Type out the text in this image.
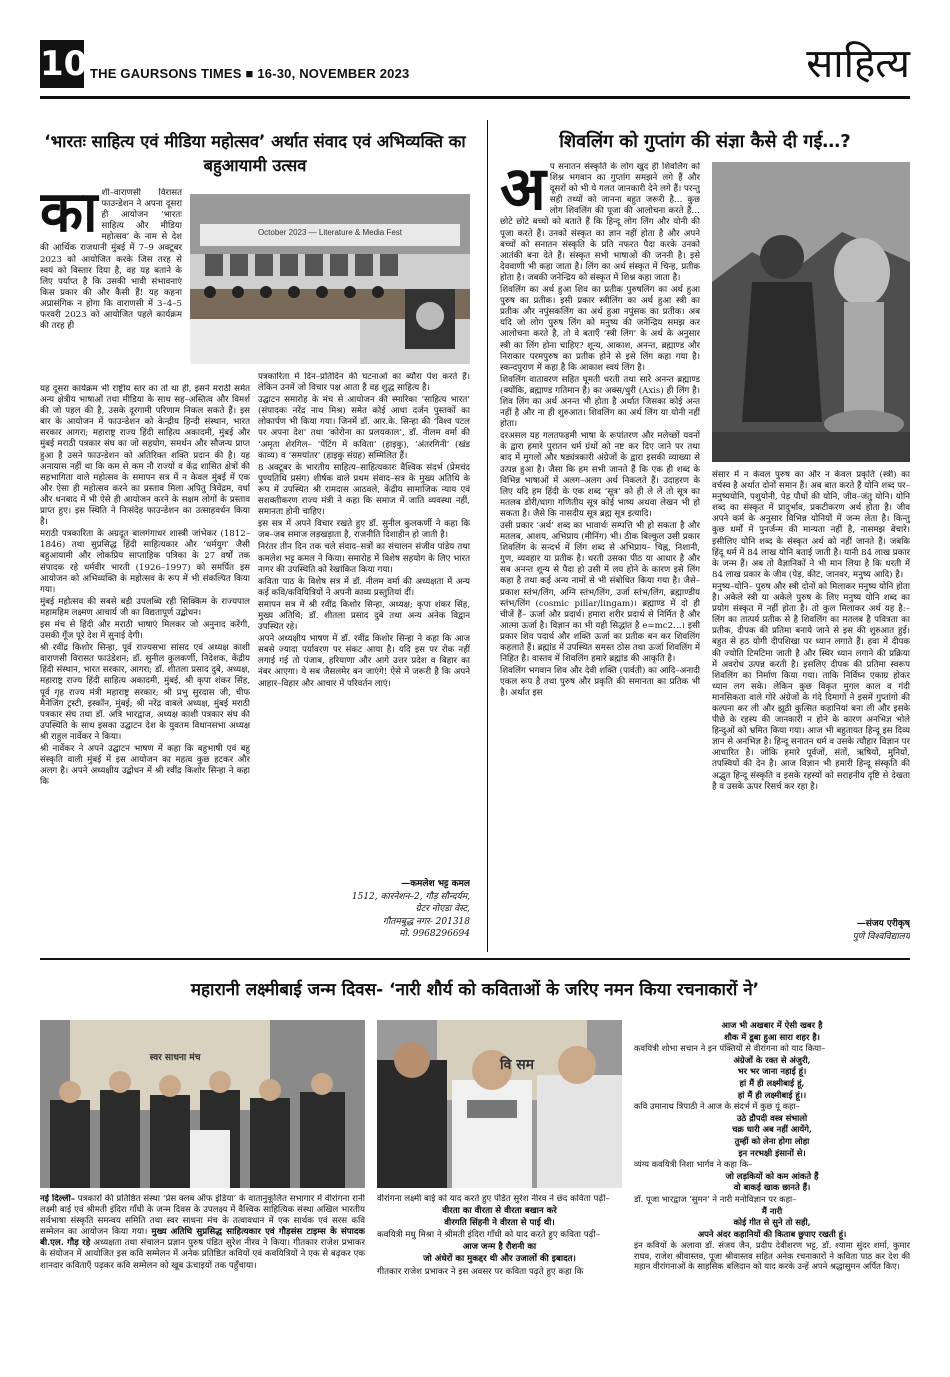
10 THE GAURSONS TIMES ■ 16-30, NOVEMBER 2023	साहित्य
‘भारतः साहित्य एवं मीडिया महोत्सव’ अर्थात संवाद एवं अभिव्यक्ति का बहुआयामी उत्सव
का शी–वाराणसी विरासत फाउन्डेशन ने अपना दूसरा ही आयोजन ‘भारतः साहित्य और मीडिया महोत्सव’ के नाम से देश की आर्थिक राजधानी मुंबई में 7–9 अक्टूबर 2023 को आयोजित करके जिस तरह से स्वयं को विस्तार दिया है, वह यह बताने के लिए पर्याप्त है कि उसकी भावी संभावनाएं किस प्रकार की और कैसी हैं! यह कहना अप्रासंगिक न होगा कि वाराणसी में 3–4–5 फरवरी 2023 को आयोजित पहले कार्यक्रम की तरह ही
October 2023 — Literature & Media Fest

यह दूसरा कार्यक्रम भी राष्ट्रीय स्तर का तो था ही, इसने मराठी समेत अन्य क्षेत्रीय भाषाओं तथा मीडिया के साथ सह–अस्तित्व और विमर्श की जो पहल की है, उसके दूरगामी परिणाम निकल सकते हैं। इस बार के आयोजन में फाउन्डेशन को केन्द्रीय हिन्दी संस्थान, भारत सरकार आगरा; महाराष्ट्र राज्य हिंदी साहित्य अकादमी, मुंबई और मुंबई मराठी पत्रकार संघ का जो सहयोग, समर्थन और सौजन्य प्राप्त हुआ है उसने फाउन्डेशन को अतिरिक्त शक्ति प्रदान की है। यह अनायास नहीं था कि कम से कम नौ राज्यों व केंद्र शासित क्षेत्रों की सहभागिता वाले महोत्सव के समापन सत्र में न केवल मुंबई में एक और ऐसा ही महोत्सव करने का प्रस्ताव मिला अपितु त्रिवेंद्रम, वर्धा और धनबाद में भी ऐसे ही आयोजन करने के सक्षम लोगों के प्रस्ताव प्राप्त हुए। इस स्थिति ने निःसंदेह फाउन्डेशन का उत्साहवर्धन किया है।

मराठी पत्रकारिता के अग्रदूत बालगंगाधर शास्त्री जांभेकर (1812–1846) तथा सुप्रसिद्ध हिंदी साहित्यकार और ‘धर्मयुग’ जैसी बहुआयामी और लोकप्रिय साप्ताहिक पत्रिका के 27 वर्षों तक संपादक रहे धर्मवीर भारती (1926–1997) को समर्पित इस आयोजन को अभिव्यक्ति के महोत्सव के रूप में भी संकल्पित किया गया।

मुंबई महोत्सव की सबसे बड़ी उपलब्धि रही सिक्किम के राज्यपाल महामहिम लक्ष्मण आचार्य जी का विद्यतापूर्ण उद्बोधन।

इस मंच से हिंदी और मराठी भाषाएं मिलकर जो अनुनाद करेंगी, उसकी गूँज पूरे देश में सुनाई देगी।

श्री रवींद्र किशोर सिन्हा, पूर्व राज्यसभा सांसद एवं अध्यक्ष काशी वाराणसी विरासत फाउंडेशन; डॉ. सुनील कुलकर्णी, निदेशक, केंद्रीय हिंदी संस्थान, भारत सरकार, आगरा; डॉ. शीतला प्रसाद दुबे, अध्यक्ष, महाराष्ट्र राज्य हिंदी साहित्य अकादमी, मुंबई, श्री कृपा शंकर सिंह, पूर्व गृह राज्य मंत्री महाराष्ट्र सरकार; श्री प्रभु सुरदास जी, चीफ मैनेजिंग ट्रस्टी, इस्कॉन, मुंबई; श्री नरेंद्र वाबले अध्यक्ष, मुंबई मराठी पत्रकार संघ तथा डॉ. अत्रि भारद्वाज, अध्यक्ष काशी पत्रकार संघ की उपस्थिति के साथ इसका उद्घाटन देश के युवतम विधानसभा अध्यक्ष श्री राहुल नार्वेकर ने किया।

श्री नार्वेकर ने अपने उद्घाटन भाषण में कहा कि बहुभाषी एवं बहु संस्कृति वाली मुंबई में इस आयोजन का महत्व कुछ हटकर और अलग है। अपने अध्यक्षीय उद्बोधन में श्री रवींद्र किशोर सिन्हा ने कहा कि

पत्रकारिता में दिन–प्रतिदिन की घटनाओं का ब्यौरा पेश करते हैं। लेकिन उनमें जो विचार पक्ष आता है वह शुद्ध साहित्य है।

उद्घाटन समारोह के मंच से आयोजन की स्मारिका ‘साहित्य भारत’ (संपादकः नरेंद्र नाथ मिश्र) समेत कोई आधा दर्जन पुस्तकों का लोकार्पण भी किया गया। जिनमें डॉ. आर.के. सिन्हा की ‘विश्व पटल पर अपना देश’ तथा ‘कोरोना का प्रलयकाल’, डॉ. नीलम वर्मा की ‘अमृता शेरगिल– ‘पेंटिंग में कविता’ (हाइकु), ‘अंतरगिनी’ (खंड काव्य) व ‘समयांतर’ (हाइकु संग्रह) सम्मिलित हैं।

8 अक्टूबर के भारतीय साहित्य–साहित्यकारः वैश्विक संदर्भ (प्रेमचंद पुण्यतिथि प्रसंग) शीर्षक वाले प्रथम संवाद–सत्र के मुख्य अतिथि के रूप में उपस्थित श्री रामदास आठवले, केंद्रीय सामाजिक न्याय एवं सशक्तीकरण राज्य मंत्री ने कहा कि समाज में जाति व्यवस्था नहीं, समानता होनी चाहिए।

इस सत्र में अपने विचार रखते हुए डॉ. सुनील कुलकर्णी ने कहा कि जब–जब समाज लड़खड़ाता है, राजनीति दिशाहीन हो जाती है।

निरंतर तीन दिन तक चले संवाद–सत्रों का संचालन संजीव पांडेय तथा कमलेश भट्ट कमल ने किया। समारोह में विशेष सहयोग के लिए भारत नागर की उपस्थिति को रेखांकित किया गया।

कविता पाठ के विशेष सत्र में डॉ. नीलम वर्मा की अध्यक्षता में अन्य कई कवि/कवियित्रियों ने अपनी काव्य प्रस्तुतियां दीं।

समापन सत्र में श्री रवींद्र किशोर सिन्हा, अध्यक्ष; कृपा शंकर सिंह, मुख्य अतिथि; डॉ. शीतला प्रसाद दुबे तथा अन्य अनेक विद्वान उपस्थित रहे।

अपने अध्यक्षीय भाषण में डॉ. रवींद्र किशोर सिन्हा ने कहा कि आज सबसे ज्यादा पर्यावरण पर संकट आया है। यदि इस पर रोक नहीं लगाई गई तो पंजाब, हरियाणा और आगे उत्तर प्रदेश व बिहार का नंबर आएगा। ये सब जैसलमेर बन जाएंगे! ऐसे में जरूरी है कि अपने आहार–विहार और आचार में परिवर्तन लाएं।

—कमलेश भट्ट कमल
1512, कारनेशन–2, गौड़ सौन्दर्यम,
ग्रेटर नोएडा वेस्ट,
गौतमबुद्ध नगर- 201318
मो. 9968296694
शिवलिंग को गुप्तांग की संज्ञा कैसे दी गई…?
अ प सनातन संस्कृति के लोग खुद ही शिवलिंग को शिश्न भगवान का गुप्तांग समझने लगे हैं और दूसरों को भी ये गलत जानकारी देने लगे हैं। परन्तु सही तथ्यों को जानना बहुत जरूरी है… कुछ लोग शिवलिंग की पूजा की आलोचना करते हैं… छोटे छोटे बच्चों को बताते हैं कि हिन्दू लोग लिंग और योनी की पूजा करते हैं। उनको संस्कृत का ज्ञान नहीं होता है और अपने बच्चों को सनातन संस्कृति के प्रति नफरत पैदा करके उनको आतंकी बना देते हैं। संस्कृत सभी भाषाओं की जननी है। इसे देववाणी भी कहा जाता है। लिंग का अर्थ संस्कृत में चिन्ह, प्रतीक होता है। जबकी जनेन्द्रिय को संस्कृत में शिश्न कहा जाता है।

शिवलिंग का अर्थ हुआ शिव का प्रतीक पुरुषलिंग का अर्थ हुआ पुरुष का प्रतीक। इसी प्रकार स्त्रीलिंग का अर्थ हुआ स्त्री का प्रतीक और नपुंसकलिंग का अर्थ हुआ नपुंसक का प्रतीक। अब यदि जो लोग पुरुष लिंग को मनुष्य की जनेन्द्रिय समझ कर आलोचना करते है, तो वे बताएँ ‘स्त्री लिंग’ के अर्थ के अनुसार स्त्री का लिंग होना चाहिए? शून्य, आकाश, अनन्त, ब्रह्माण्ड और निराकार परमपुरुष का प्रतीक होने से इसे लिंग कहा गया है। स्कन्दपुराण में कहा है कि आकाश स्वयं लिंग है।

शिवलिंग वातावरण सहित घूमती धरती तथा सारे अनन्त ब्रह्माण्ड (क्योंकि, ब्रह्माण्ड गतिमान है) का अक्स/धुरी (Axis) ही लिंग है। शिव लिंग का अर्थ अनन्त भी होता है अर्थात जिसका कोई अन्त नहीं है और ना ही शुरुआत। शिवलिंग का अर्थ लिंग या योनी नहीं होता।

दरअसल यह गलतफहमी भाषा के रूपांतरण और मलेच्छों यवनों के द्वारा हमारे पुरातन धर्म ग्रंथों को नष्ट कर दिए जाने पर तथा बाद में मुगलों और षड्यंत्रकारी अंग्रेजों के द्वारा इसकी व्याख्या से उत्पन्न हुआ है। जैसा कि हम सभी जानते हैं कि एक ही शब्द के विभिन्न भाषाओं में अलग–अलग अर्थ निकलते हैं। उदाहरण के लिए यदि हम हिंदी के एक शब्द ‘सूत्र’ को ही ले लें तो सूत्र का मतलब डोरी/धागा गणितीय सूत्र कोई भाष्य अथवा लेखन भी हो सकता है। जैसे कि नासदीय सूत्र ब्रह्म सूत्र इत्यादि।

उसी प्रकार ‘अर्थ’ शब्द का भावार्थः सम्पत्ति भी हो सकता है और मतलब, आशय, अभिप्राय (मीनिंग) भी। ठीक बिल्कुल उसी प्रकार शिवलिंग के सन्दर्भ में लिंग शब्द से अभिप्राय– चिह्न, निशानी, गुण, व्यवहार या प्रतीक है। धरती उसका पीठ या आधार है और सब अनन्त शून्य से पैदा हो उसी में लय होने के कारण इसे लिंग कहा है तथा कई अन्य नामों से भी संबोधित किया गया है। जैसे– प्रकाश स्तंभ/लिंग, अग्नि स्तंभ/लिंग, उर्जा स्तंभ/लिंग, ब्रह्माण्डीय स्तंभ/लिंग (cosmic pillar/lingam)। ब्रह्माण्ड में दो ही चीजें हैं– ऊर्जा और प्रदार्थ। हमारा शरीर प्रदार्थ से निर्मित है और आत्मा ऊर्जा है। विज्ञान का भी यही सिद्धांत है e=mc2…। इसी प्रकार शिव पदार्थ और शक्ति ऊर्जा का प्रतीक बन कर शिवलिंग कहलाते हैं। ब्रह्मांड में उपस्थित समस्त ठोस तथा ऊर्जा शिवलिंग में निहित है। वास्तव में शिवलिंग हमारे ब्रह्मांड की आकृति है।

शिवलिंग भगवान शिव और देवी शक्ति (पार्वती) का आदि–अनादी एकल रूप है तथा पुरुष और प्रकृति की समानता का प्रतिक भी है। अर्थात इस

संसार में न केवल पुरुष का और न केवल प्रकृति (स्त्री) का वर्चस्व है अर्थात दोनों समान हैं। अब बात करते हैं योनि शब्द पर– मनुष्ययोनि, पशुयोनी, पेड़ पौधों की योनि, जीव–जंतु योनि। योनि शब्द का संस्कृत में प्रादुर्भाव, प्रकटीकरण अर्थ होता है। जीव अपने कर्म के अनुसार विभिन्न योनियों में जन्म लेता है। किन्तु कुछ धर्मों में पुनर्जन्म की मान्यता नहीं है, नासमझ बेचारे। इसीलिए योनि शब्द के संस्कृत अर्थ को नहीं जानते हैं। जबकि हिंदू धर्म में 84 लाख योनि बताई जाती है। यानी 84 लाख प्रकार के जन्म हैं। अब तो वैज्ञानिकों ने भी मान लिया है कि धरती में 84 लाख प्रकार के जीव (पेड़, कीट, जानवर, मनुष्य आदि) है।

मनुष्य–योनि– पुरुष और स्त्री दोनों को मिलाकर मनुष्य योनि होता है। अकेले स्त्री या अकेले पुरुष के लिए मनुष्य योनि शब्द का प्रयोग संस्कृत में नहीं होता है। तो कुल मिलाकर अर्थ यह है:– लिंग का तात्पर्य प्रतीक से है शिवलिंग का मतलब है पवित्रता का प्रतीक, दीपक की प्रतिमा बनाये जाने से इस की शुरुआत हुई। बहुत से हठ योगी दीपशिखा पर ध्यान लगाते हैं। हवा में दीपक की ज्योति टिमटिमा जाती है और स्थिर ध्यान लगाने की प्रक्रिया में अवरोध उत्पन्न करती है। इसलिए दीपक की प्रतिमा स्वरूप शिवलिंग का निर्माण किया गया। ताकि निर्विघ्न एकाग्र होकर ध्यान लग सके। लेकिन कुछ विकृत मुगल काल व गंदी मानसिकता वाले गोरे अंग्रेजों के गंदे दिमागों ने इसमें गुप्तांगो की कल्पना कर ली और झूठी कुत्सित कहानियां बना ली और इसके पीछे के रहस्य की जानकारी न होने के कारण अनभिज्ञ भोले हिन्दुओं को भ्रमित किया गया। आज भी बहुतायत हिन्दू इस दिव्य ज्ञान से अनभिज्ञ है। हिन्दू सनातन धर्म व उसके त्यौहार विज्ञान पर आधारित है। जोकि हमारे पूर्वजों, संतों, ऋषियों, मुनियों, तपस्वियों की देन है। आज विज्ञान भी हमारी हिन्दू संस्कृति की अद्भुत हिन्दू संस्कृति व इसके रहस्यों को सराहनीय दृष्टि से देखता है व उसके ऊपर रिसर्च कर रहा है।

—संजय एरीकृष्
पुणे विश्वविद्यालय
महारानी लक्ष्मीबाई जन्म दिवस- ‘नारी शौर्य को कविताओं के जरिए नमन किया रचनाकारों ने’
स्वर साधना मंच	वि सम
नई दिल्ली– पत्रकारों की प्रतिष्ठित संस्था ‘प्रेस क्लब ऑफ इंडिया’ के वातानुकूलित सभागार में वीरांगना रानी लक्ष्मी बाई एवं श्रीमती इंदिरा गाँधी के जन्म दिवस के उपलक्ष्य में वैश्विक साहित्यिक संस्था अखिल भारतीय सर्वभाषा संस्कृति समन्वय समिति तथा स्वर साधना मंच के तत्वावधान में एक सार्थक एवं सरस कवि सम्मेलन का आयोजन किया गया। मुख्य अतिथि सुप्रसिद्ध साहित्यकार एवं गौड़संस टाइम्स के संपादक बी.एल. गौड़ रहे अध्यक्षता तथा संचालन प्रज्ञान पुरुष पंडित सुरेश नीरव ने किया। गीतकार राजेश प्रभाकर के संयोजन में आयोजित इस कवि सम्मेलन में अनेक प्रतिष्ठित कवियों एवं कवयित्रियों ने एक से बढ़कर एक शानदार कविताएँ पढ़कर कवि सम्मेलन को खूब ऊंचाइयों तक पहुँचाया।

वीरांगना लक्ष्मी बाई को याद करते हुए पंडित सुरेश नीरव ने छंद कविता पढ़ी–

वीरता का वीरता से वीरता बखान करे

वीरगति सिंहनी ने वीरता से पाई थी।

कवयित्री मधु मिश्रा ने श्रीमती इंदिरा गाँधी को याद करते हुए कविता पढ़ी–

आज जन्म है रौशनी का

जो अंधेरों का मुकद्दर थी और उजालों की इबादत।

गीतकार राजेश प्रभाकर ने इस अवसर पर कविता पढ़ते हुए कहा कि

आज भी अखबार में ऐसी खबर है

शौक में डूबा हुआ सारा शहर है।

कवयित्री शोभा सचान ने इन पंक्तियों से वीरांगना को याद किया–

अंग्रेजों के रक्त से अंजुरी,

भर भर जाना नहाई हूं।

हां मैं ही लक्ष्मीबाई हूं,

हां मैं ही लक्ष्मीबाई हूं।।

कवि उमानाथ त्रिपाठी ने आज के संदर्भ में कुछ यूं कहा–

उठे द्रौपदी वस्त्र संभालो

चक्र धारी अब नहीं आयेंगे,

तुम्हीं को लेना होगा लोहा

इन नरभक्षी इंसानों से।

व्यंग्य कवयित्री निशा भार्गव ने कहा कि–

जो लड़कियों को कम आंकते हैं

वो बाकई खाक छानते हैं।

डॉ. पूजा भारद्वाज ‘सुमन’ ने नारी मनोविज्ञान पर कहा–

मैं नारी

कोई गीत से सुने तो सही,

अपने अंदर कहानियों की किताब छुपाए रखती हूं।

इन कवियों के अलावा डॉ. संजय जैन, प्रदीप देवीशरण भट्ट, डॉ. श्यामा सुंदर शर्मा, कुमार राघव, राजेश श्रीवास्तव, पूजा श्रीवास्तव सहित अनेक रचनाकारों ने कविता पाठ कर देश की महान वीरांगनाओं के साहसिक बलिदान को याद करके उन्हें अपने श्रद्धासुमन अर्पित किए।
